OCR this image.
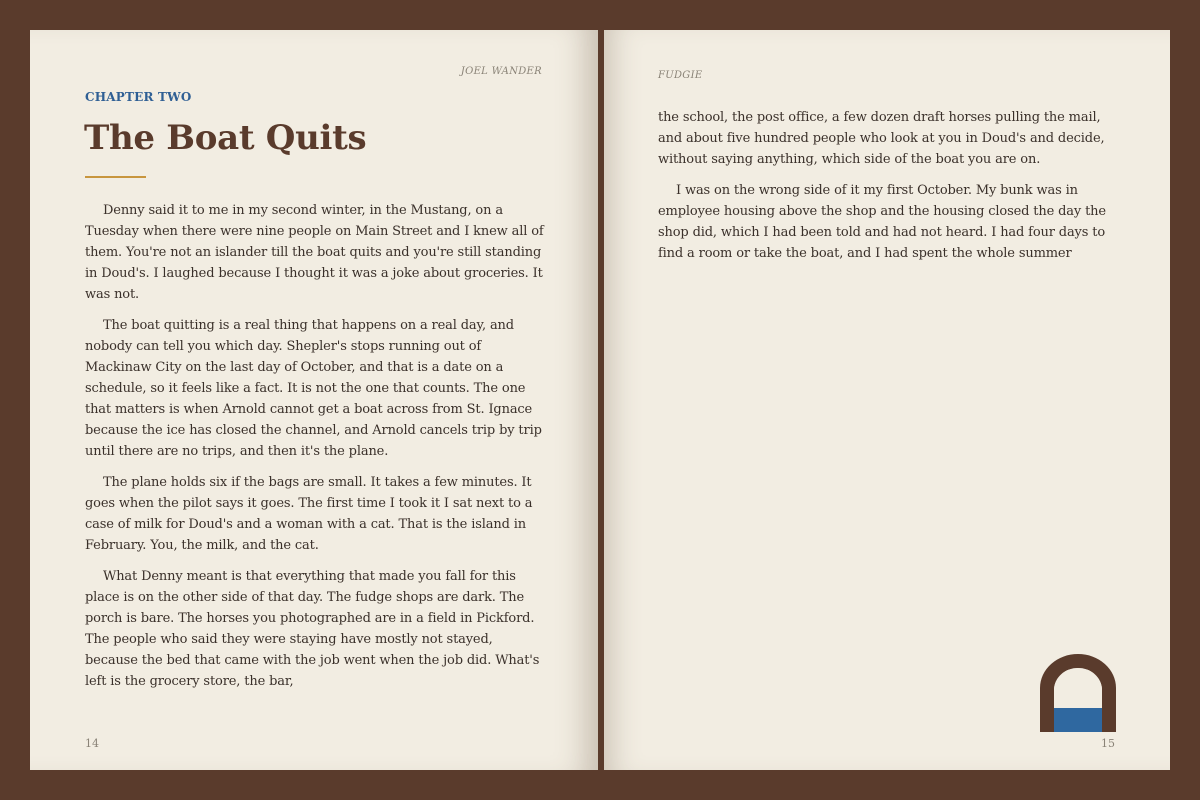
JOEL WANDER
CHAPTER TWO
The Boat Quits

Denny said it to me in my second winter, in the Mustang, on a Tuesday when there were nine people on Main Street and I knew all of them. You're not an islander till the boat quits and you're still standing in Doud's. I laughed because I thought it was a joke about groceries. It was not.

The boat quitting is a real thing that happens on a real day, and nobody can tell you which day. Shepler's stops running out of Mackinaw City on the last day of October, and that is a date on a schedule, so it feels like a fact. It is not the one that counts. The one that matters is when Arnold cannot get a boat across from St. Ignace because the ice has closed the channel, and Arnold cancels trip by trip until there are no trips, and then it's the plane.

The plane holds six if the bags are small. It takes a few minutes. It goes when the pilot says it goes. The first time I took it I sat next to a case of milk for Doud's and a woman with a cat. That is the island in February. You, the milk, and the cat.

What Denny meant is that everything that made you fall for this place is on the other side of that day. The fudge shops are dark. The porch is bare. The horses you photographed are in a field in Pickford. The people who said they were staying have mostly not stayed, because the bed that came with the job went when the job did. What's left is the grocery store, the bar,

14
FUDGIE

the school, the post office, a few dozen draft horses pulling the mail, and about five hundred people who look at you in Doud's and decide, without saying anything, which side of the boat you are on.

I was on the wrong side of it my first October. My bunk was in employee housing above the shop and the housing closed the day the shop did, which I had been told and had not heard. I had four days to find a room or take the boat, and I had spent the whole summer

15
